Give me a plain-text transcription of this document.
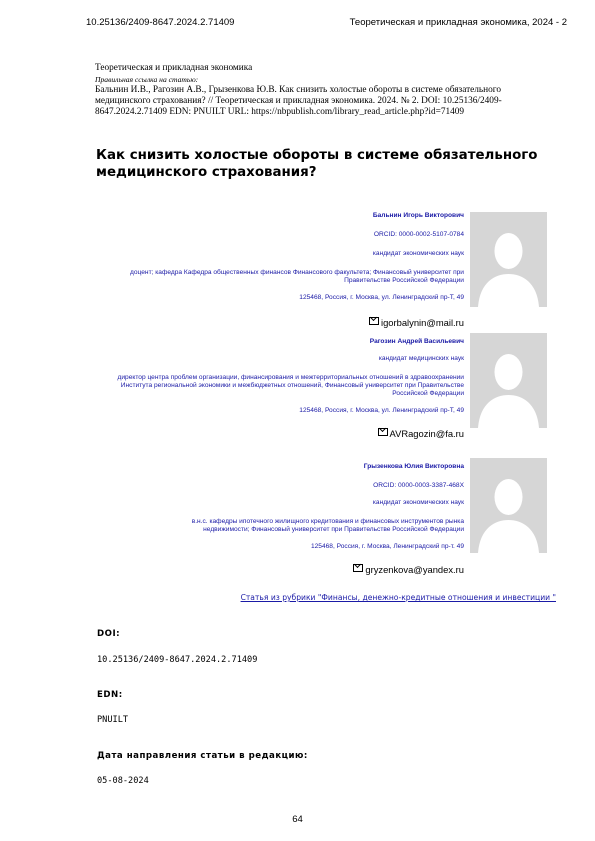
10.25136/2409-8647.2024.2.71409	Теоретическая и прикладная экономика, 2024 - 2
Теоретическая и прикладная экономика
Правильная ссылка на статью:
Бальнин И.В., Рагозин А.В., Грызенкова Ю.В. Как снизить холостые обороты в системе обязательного медицинского страхования? // Теоретическая и прикладная экономика. 2024. № 2. DOI: 10.25136/2409-8647.2024.2.71409 EDN: PNUILT URL: https://nbpublish.com/library_read_article.php?id=71409
Как снизить холостые обороты в системе обязательного медицинского страхования?
Бальнин Игорь Викторович
ORCID: 0000-0002-5107-0784
кандидат экономических наук
доцент; кафедра Кафедра общественных финансов Финансового факультета; Финансовый университет при Правительстве Российской Федерации
125468, Россия, г. Москва, ул. Ленинградский пр-Т, 49
igorbalynin@mail.ru
Рагозин Андрей Васильевич
кандидат медицинских наук
директор центра проблем организации, финансирования и межтерриториальных отношений в здравоохранении Института региональной экономики и межбюджетных отношений, Финансовый университет при Правительстве Российской Федерации
125468, Россия, г. Москва, ул. Ленинградский пр-Т, 49
AVRagozin@fa.ru
Грызенкова Юлия Викторовна
ORCID: 0000-0003-3387-468X
кандидат экономических наук
в.н.с. кафедры ипотечного жилищного кредитования и финансовых инструментов рынка недвижимости; Финансовый университет при Правительстве Российской Федерации
125468, Россия, г. Москва, Ленинградский пр-т. 49
gryzenkova@yandex.ru
Статья из рубрики "Финансы, денежно-кредитные отношения и инвестиции "
DOI:
10.25136/2409-8647.2024.2.71409
EDN:
PNUILT
Дата направления статьи в редакцию:
05-08-2024
64
